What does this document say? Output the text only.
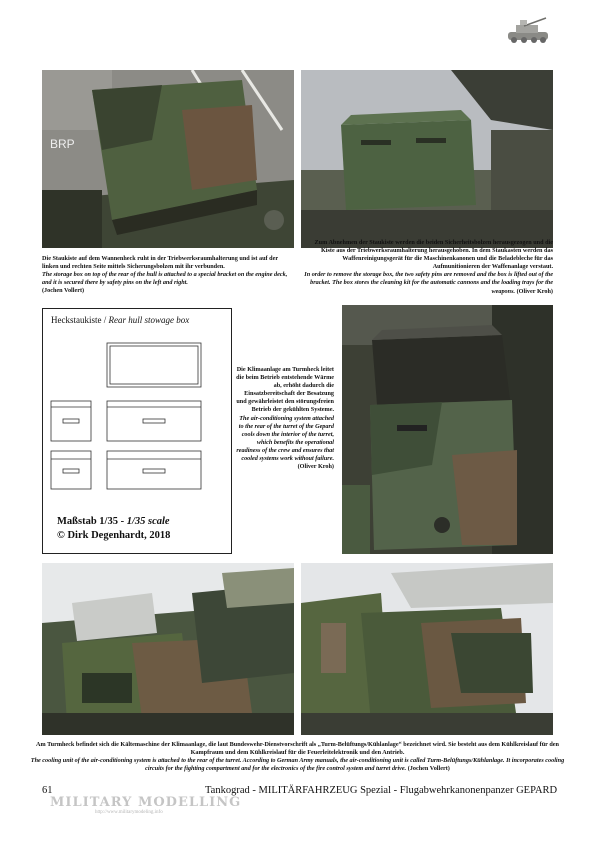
BRP

Die Staukiste auf dem Wannenheck ruht in der Triebwerksraumhalterung und ist auf der linken und rechten Seite mittels Sicherungsbolzen mit ihr verbunden.

The storage box on top of the rear of the hull is attached to a special bracket on the engine deck, and it is secured there by safety pins on the left and right.

(Jochen Vollert)

Zum Abnehmen der Staukiste werden die beiden Sicherheitsbolzen herausgezogen und die Kiste aus der Triebwerksraumhalterung herausgehoben. In dem Staukasten werden das Waffenreinigungsgerät für die Maschinenkanonen und die Beladebleche für das Aufmunitionieren der Waffenanlage verstaut.

In order to remove the storage box, the two safety pins are removed and the box is lifted out of the bracket. The box stores the cleaning kit for the automatic cannons and the loading trays for the weapons. (Oliver Kroh)

Heckstaukiste / Rear hull stowage box
Maßstab 1/35 - 1/35 scale
© Dirk Degenhardt, 2018

Die Klimaanlage am Turmheck leitet die beim Betrieb entstehende Wärme ab, erhöht dadurch die Einsatzbereitschaft der Besatzung und gewährleistet den störungsfreien Betrieb der gekühlten Systeme.

The air-conditioning system attached to the rear of the turret of the Gepard cools down the interior of the turret, which benefits the operational readiness of the crew and ensures that cooled systems work without failure. (Oliver Kroh)

Am Turmheck befindet sich die Kältemaschine der Klimaanlage, die laut Bundeswehr-Dienstvorschrift als „Turm-Belüftungs/Kühlanlage“ bezeichnet wird. Sie besteht aus dem Kühlkreislauf für den Kampfraum und dem Kühlkreislauf für die Feuerleitelektronik und den Antrieb.

The cooling unit of the air-conditioning system is attached to the rear of the turret. According to German Army manuals, the air-conditioning unit is called Turm-Belüftungs/Kühlanlage. It incorporates cooling circuits for the fighting compartment and for the electronics of the fire control system and turret drive. (Jochen Vollert)

61	Tankograd - MILITÄRFAHRZEUG Spezial - Flugabwehrkanonenpanzer GEPARD
MILITARY MODELLING
http://www.militarymodeling.info
